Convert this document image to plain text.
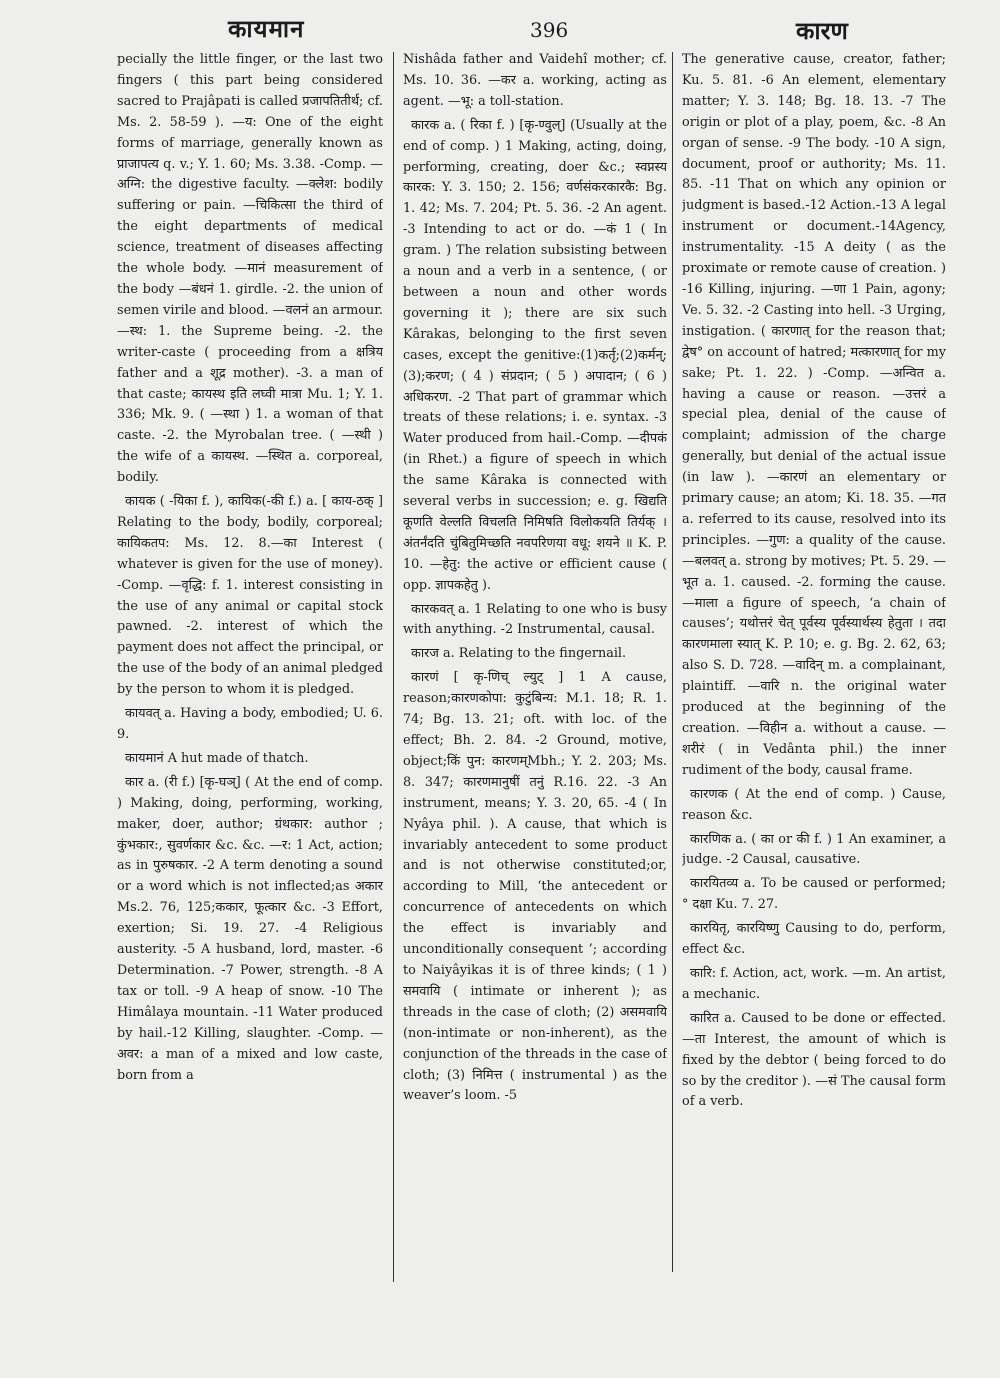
कायमान	396	कारण

pecially the little finger, or the last two fingers ( this part being considered sacred to Prajâpati is called प्रजापतितीर्थ; cf. Ms. 2. 58-59 ). —य: One of the eight forms of marriage, generally known as प्राजापत्य q. v.; Y. 1. 60; Ms. 3.38. -Comp. —अग्नि: the digestive faculty. —क्लेश: bodily suffering or pain. —चिकित्सा the third of the eight departments of medical science, treatment of diseases affecting the whole body. —मानं measurement of the body —बंधनं 1. girdle. -2. the union of semen virile and blood. —वलनं an armour.—स्थ: 1. the Supreme being. -2. the writer-caste ( proceeding from a क्षत्रिय father and a शूद्र mother). -3. a man of that caste; कायस्थ इति लघ्वी मात्रा Mu. 1; Y. 1. 336; Mk. 9. ( —स्था ) 1. a woman of that caste. -2. the Myrobalan tree. ( —स्थी ) the wife of a कायस्थ. —स्थित a. corporeal, bodily.

कायक ( -यिका f. ), कायिक(-की f.) a. [ काय-ठक् ] Relating to the body, bodily, corporeal; कायिकतप: Ms. 12. 8.—का Interest ( whatever is given for the use of money). -Comp. —वृद्धि: f. 1. interest consisting in the use of any animal or capital stock pawned. -2. interest of which the payment does not affect the principal, or the use of the body of an animal pledged by the person to whom it is pledged.

कायवत् a. Having a body, embodied; U. 6. 9.

कायमानं A hut made of thatch.

कार a. (री f.) [कृ-घञ्] ( At the end of comp. ) Making, doing, performing, working, maker, doer, author; ग्रंथकार: author ; कुंभकार:, सुवर्णकार &c. &c. —र: 1 Act, action; as in पुरुषकार. -2 A term denoting a sound or a word which is not inflected;as अकार Ms.2. 76, 125;ककार, फूत्कार &c. -3 Effort, exertion; Si. 19. 27. -4 Religious austerity. -5 A husband, lord, master. -6 Determination. -7 Power, strength. -8 A tax or toll. -9 A heap of snow. -10 The Himâlaya mountain. -11 Water produced by hail.-12 Killing, slaughter. -Comp. —अवर: a man of a mixed and low caste, born from a

Nishâda father and Vaidehî mother; cf. Ms. 10. 36. —कर a. working, acting as agent. —भू: a toll-station.

कारक a. ( रिका f. ) [कृ-ण्वुल्] (Usually at the end of comp. ) 1 Making, acting, doing, performing, creating, doer &c.; स्वप्नस्य कारक: Y. 3. 150; 2. 156; वर्णसंकरकारकै: Bg. 1. 42; Ms. 7. 204; Pt. 5. 36. -2 An agent. -3 Intending to act or do. —कं 1 ( In gram. ) The relation subsisting between a noun and a verb in a sentence, ( or between a noun and other words governing it ); there are six such Kârakas, belonging to the first seven cases, except the genitive:(1)कर्तृ;(2)कर्मन्; (3);करण; ( 4 ) संप्रदान; ( 5 ) अपादान; ( 6 ) अधिकरण. -2 That part of grammar which treats of these relations; i. e. syntax. -3 Water produced from hail.-Comp. —दीपकं (in Rhet.) a figure of speech in which the same Kâraka is connected with several verbs in succession; e. g. खिद्यति कूणति वेल्लति विचलति निमिषति विलोकयति तिर्यक् । अंतर्नंदति चुंबितुमिच्छति नवपरिणया वधू: शयने ॥ K. P. 10. —हेतु: the active or efficient cause ( opp. ज्ञापकहेतु ).

कारकवत् a. 1 Relating to one who is busy with anything. -2 Instrumental, causal.

कारज a. Relating to the fingernail.

कारणं [ कृ-णिच् ल्युट् ] 1 A cause, reason;कारणकोपा: कुटुंबिन्य: M.1. 18; R. 1. 74; Bg. 13. 21; oft. with loc. of the effect; Bh. 2. 84. -2 Ground, motive, object;किं पुन: कारणम्Mbh.; Y. 2. 203; Ms. 8. 347; कारणमानुषीं तनुं R.16. 22. -3 An instrument, means; Y. 3. 20, 65. -4 ( In Nyâya phil. ). A cause, that which is invariably antecedent to some product and is not otherwise constituted;or, according to Mill, ‘the antecedent or concurrence of antecedents on which the effect is invariably and unconditionally consequent ’; according to Naiyâyikas it is of three kinds; ( 1 ) समवायि ( intimate or inherent ); as threads in the case of cloth; (2) असमवायि (non-intimate or non-inherent), as the conjunction of the threads in the case of cloth; (3) निमित्त ( instrumental ) as the weaver’s loom. -5

The generative cause, creator, father; Ku. 5. 81. -6 An element, elementary matter; Y. 3. 148; Bg. 18. 13. -7 The origin or plot of a play, poem, &c. -8 An organ of sense. -9 The body. -10 A sign, document, proof or authority; Ms. 11. 85. -11 That on which any opinion or judgment is based.-12 Action.-13 A legal instrument or document.-14Agency, instrumentality. -15 A deity ( as the proximate or remote cause of creation. ) -16 Killing, injuring. —णा 1 Pain, agony; Ve. 5. 32. -2 Casting into hell. -3 Urging, instigation. ( कारणात् for the reason that; द्वेष° on account of hatred; मत्कारणात् for my sake; Pt. 1. 22. ) -Comp. —अन्वित a. having a cause or reason. —उत्तरं a special plea, denial of the cause of complaint; admission of the charge generally, but denial of the actual issue (in law ). —कारणं an elementary or primary cause; an atom; Ki. 18. 35. —गत a. referred to its cause, resolved into its principles. —गुण: a quality of the cause. —बलवत् a. strong by motives; Pt. 5. 29. —भूत a. 1. caused. -2. forming the cause. —माला a figure of speech, ‘a chain of causes’; यथोत्तरं चेत् पूर्वस्य पूर्वस्यार्थस्य हेतुता । तदा कारणमाला स्यात् K. P. 10; e. g. Bg. 2. 62, 63; also S. D. 728. —वादिन् m. a complainant, plaintiff. —वारि n. the original water produced at the beginning of the creation. —विहीन a. without a cause. —शरीरं ( in Vedânta phil.) the inner rudiment of the body, causal frame.

कारणक ( At the end of comp. ) Cause, reason &c.

कारणिक a. ( का or की f. ) 1 An examiner, a judge. -2 Causal, causative.

कारयितव्य a. To be caused or performed; ° दक्षा Ku. 7. 27.

कारयितृ, कारयिष्णु Causing to do, perform, effect &c.

कारि: f. Action, act, work. —m. An artist, a mechanic.

कारित a. Caused to be done or effected. —ता Interest, the amount of which is fixed by the debtor ( being forced to do so by the creditor ). —सं The causal form of a verb.
